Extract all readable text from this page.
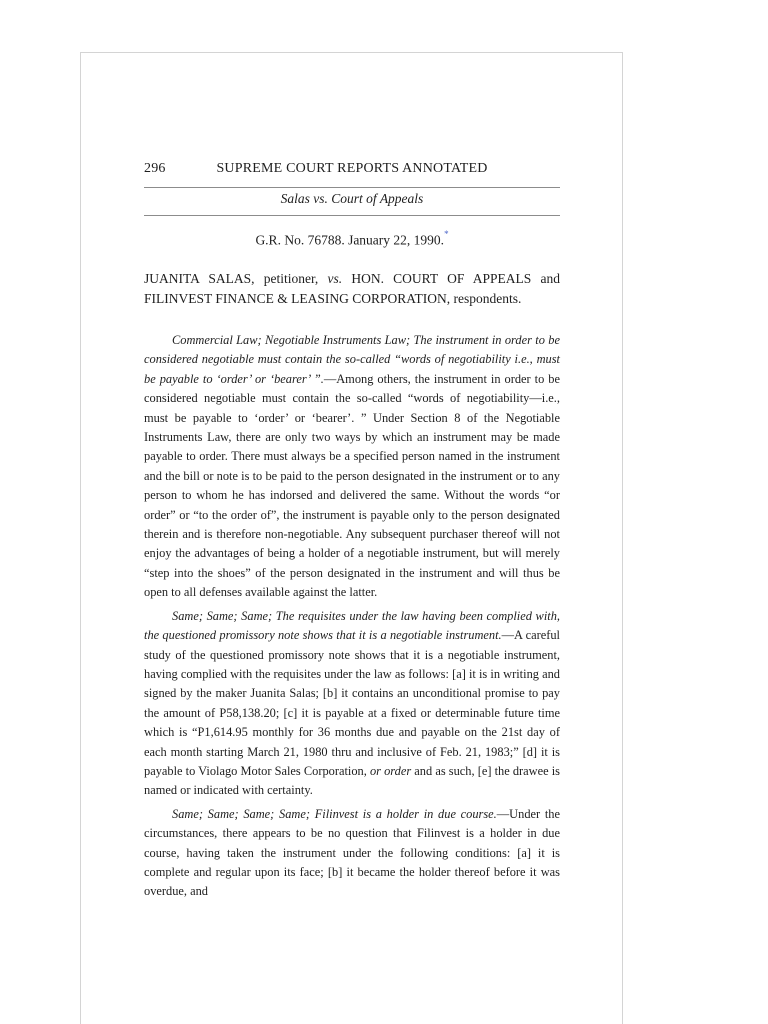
296	SUPREME COURT REPORTS ANNOTATED
Salas vs. Court of Appeals
G.R. No. 76788. January 22, 1990.*
JUANITA SALAS, petitioner, vs. HON. COURT OF APPEALS and FILINVEST FINANCE & LEASING CORPORATION, respondents.

Commercial Law; Negotiable Instruments Law; The instrument in order to be considered negotiable must contain the so-called “words of negotiability i.e., must be payable to ‘order’ or ‘bearer’ ”.—Among others, the instrument in order to be considered negotiable must contain the so-called “words of negotiability—i.e., must be payable to ‘order’ or ‘bearer’. ” Under Section 8 of the Negotiable Instruments Law, there are only two ways by which an instrument may be made payable to order. There must always be a specified person named in the instrument and the bill or note is to be paid to the person designated in the instrument or to any person to whom he has indorsed and delivered the same. Without the words “or order” or “to the order of”, the instrument is payable only to the person designated therein and is therefore non-negotiable. Any subsequent purchaser thereof will not enjoy the advantages of being a holder of a negotiable instrument, but will merely “step into the shoes” of the person designated in the instrument and will thus be open to all defenses available against the latter.

Same; Same; Same; The requisites under the law having been complied with, the questioned promissory note shows that it is a negotiable instrument.—A careful study of the questioned promissory note shows that it is a negotiable instrument, having complied with the requisites under the law as follows: [a] it is in writing and signed by the maker Juanita Salas; [b] it contains an unconditional promise to pay the amount of P58,138.20; [c] it is payable at a fixed or determinable future time which is “P1,614.95 monthly for 36 months due and payable on the 21st day of each month starting March 21, 1980 thru and inclusive of Feb. 21, 1983;” [d] it is payable to Violago Motor Sales Corporation, or order and as such, [e] the drawee is named or indicated with certainty.

Same; Same; Same; Same; Filinvest is a holder in due course.—Under the circumstances, there appears to be no question that Filinvest is a holder in due course, having taken the instrument under the following conditions: [a] it is complete and regular upon its face; [b] it became the holder thereof before it was overdue, and
